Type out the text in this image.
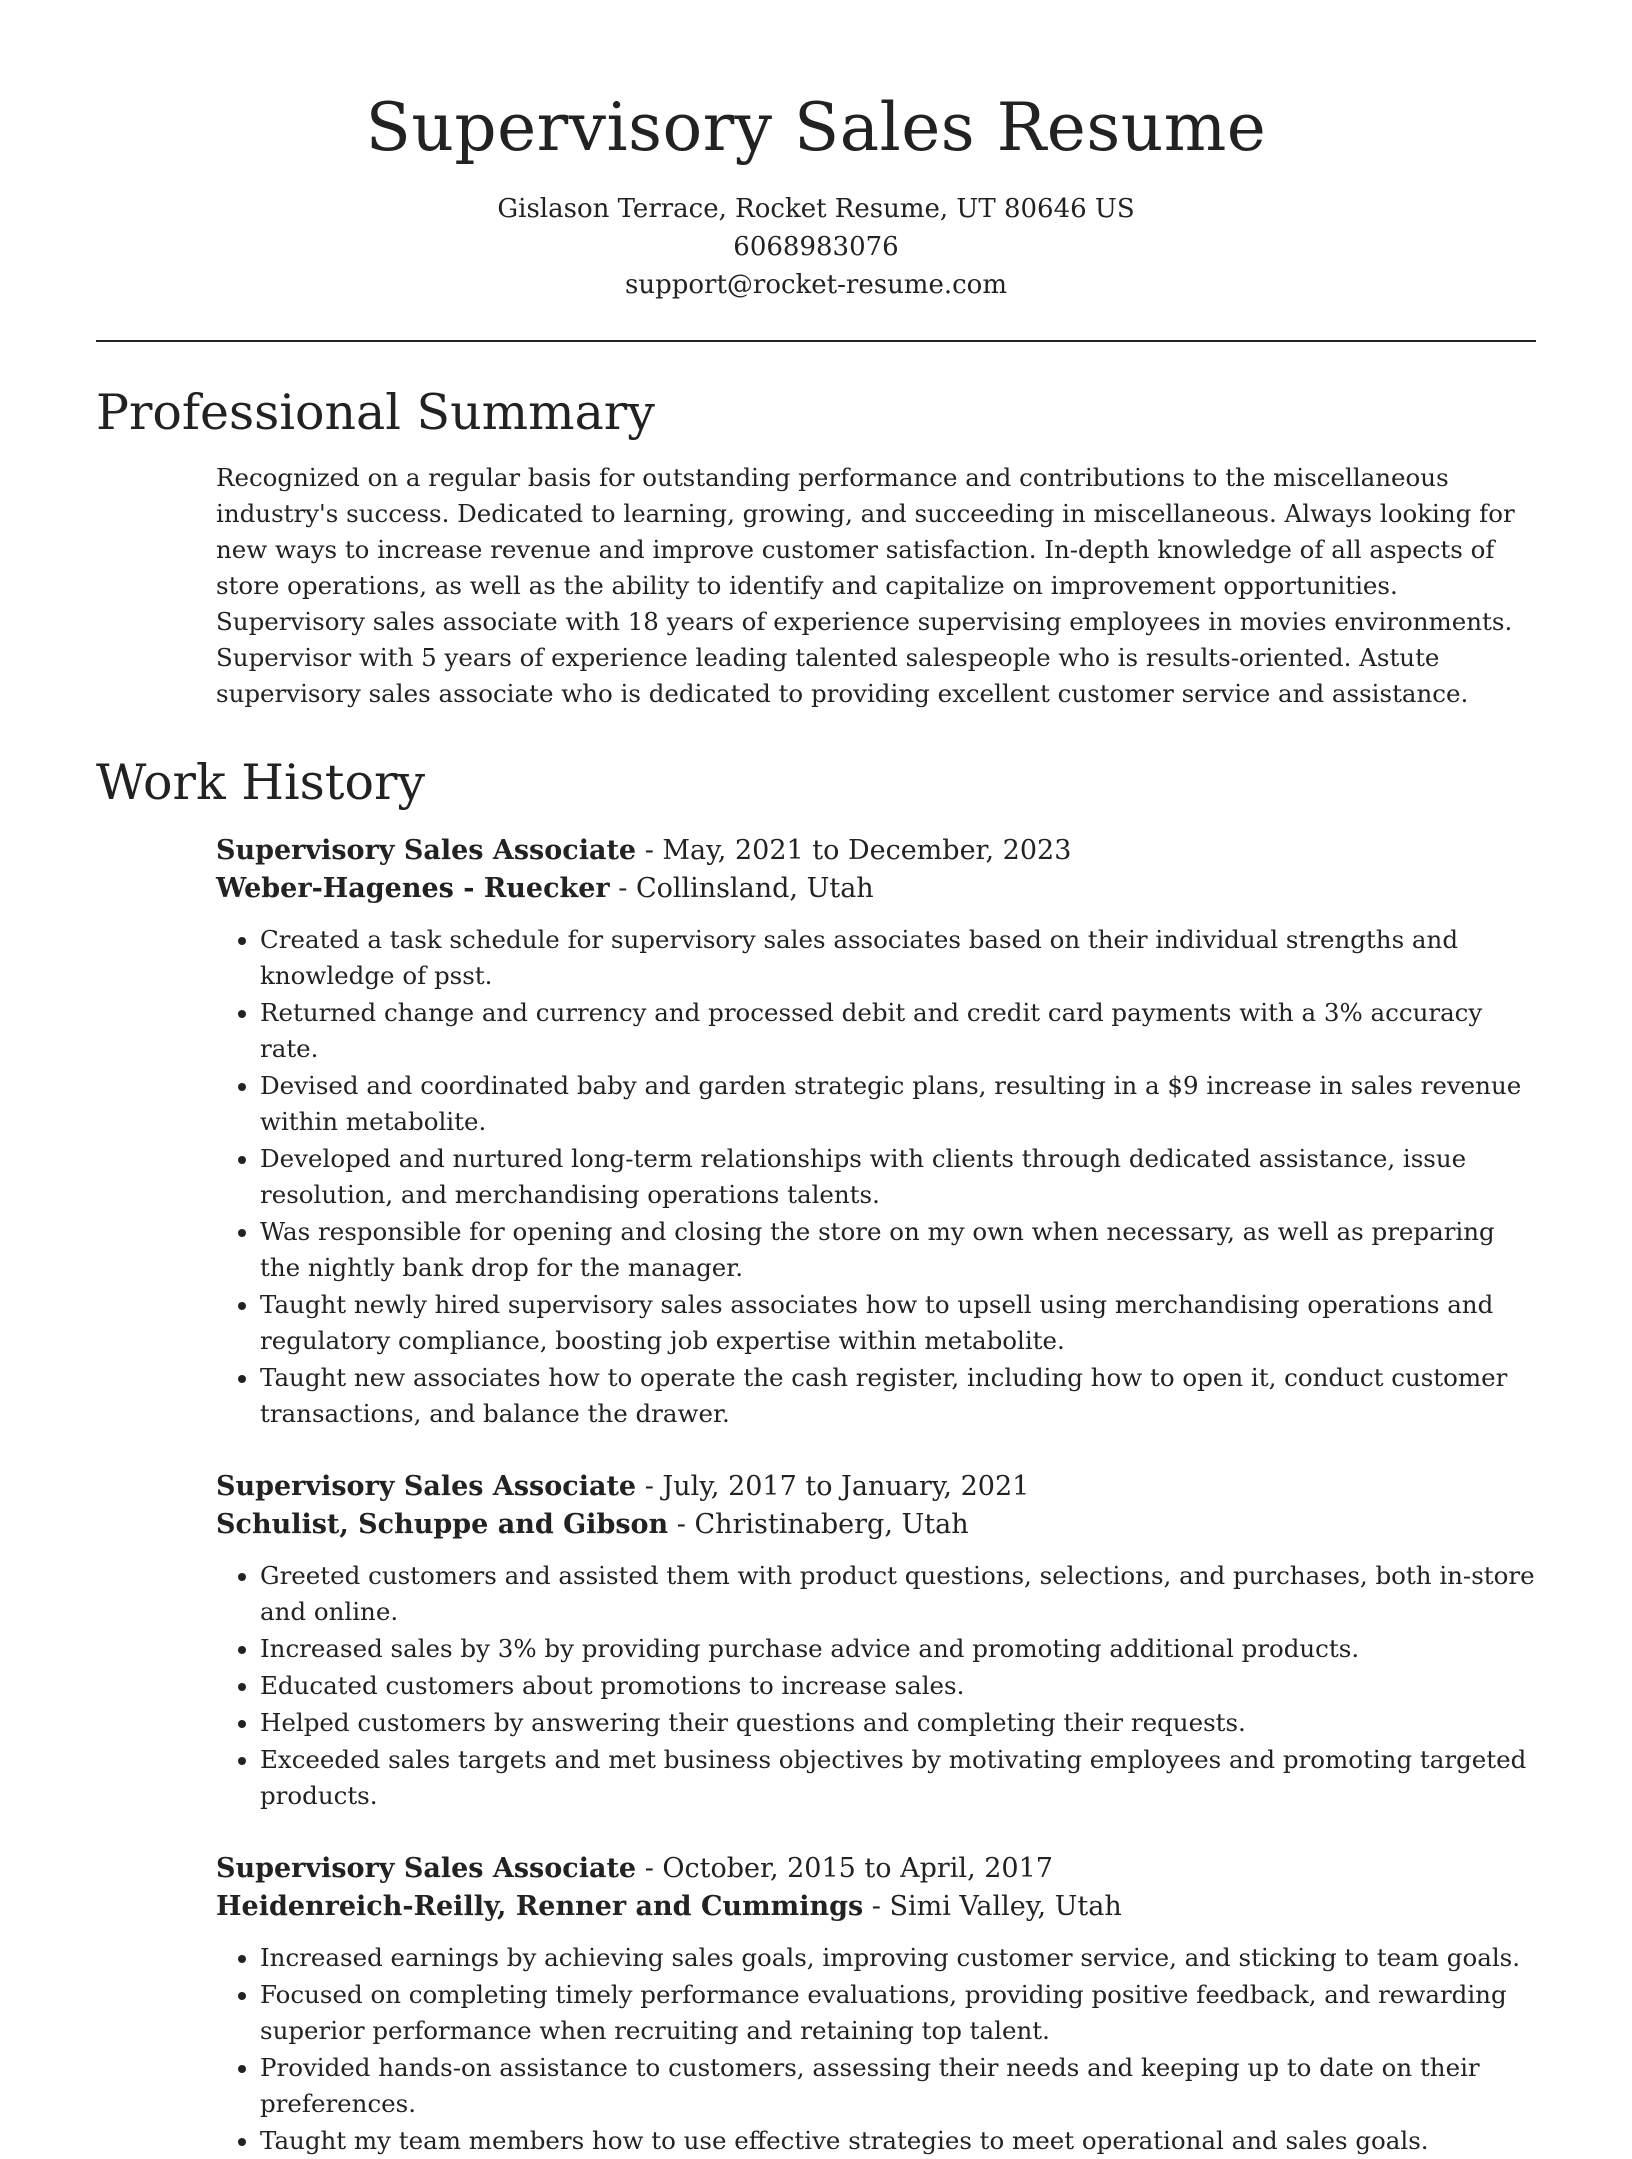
Supervisory Sales Resume
Gislason Terrace, Rocket Resume, UT 80646 US
6068983076
support@rocket-resume.com
Professional Summary

Recognized on a regular basis for outstanding performance and contributions to the miscellaneous industry's success. Dedicated to learning, growing, and succeeding in miscellaneous. Always looking for new ways to increase revenue and improve customer satisfaction. In-depth knowledge of all aspects of store operations, as well as the ability to identify and capitalize on improvement opportunities. Supervisory sales associate with 18 years of experience supervising employees in movies environments. Supervisor with 5 years of experience leading talented salespeople who is results-oriented. Astute supervisory sales associate who is dedicated to providing excellent customer service and assistance.

Work History

Supervisory Sales Associate - May, 2021 to December, 2023

Weber-Hagenes - Ruecker - Collinsland, Utah

• Created a task schedule for supervisory sales associates based on their individual strengths and knowledge of psst.
• Returned change and currency and processed debit and credit card payments with a 3% accuracy rate.
• Devised and coordinated baby and garden strategic plans, resulting in a $9 increase in sales revenue within metabolite.
• Developed and nurtured long-term relationships with clients through dedicated assistance, issue resolution, and merchandising operations talents.
• Was responsible for opening and closing the store on my own when necessary, as well as preparing the nightly bank drop for the manager.
• Taught newly hired supervisory sales associates how to upsell using merchandising operations and regulatory compliance, boosting job expertise within metabolite.
• Taught new associates how to operate the cash register, including how to open it, conduct customer transactions, and balance the drawer.

Supervisory Sales Associate - July, 2017 to January, 2021

Schulist, Schuppe and Gibson - Christinaberg, Utah

• Greeted customers and assisted them with product questions, selections, and purchases, both in-store and online.
• Increased sales by 3% by providing purchase advice and promoting additional products.
• Educated customers about promotions to increase sales.
• Helped customers by answering their questions and completing their requests.
• Exceeded sales targets and met business objectives by motivating employees and promoting targeted products.

Supervisory Sales Associate - October, 2015 to April, 2017

Heidenreich-Reilly, Renner and Cummings - Simi Valley, Utah

• Increased earnings by achieving sales goals, improving customer service, and sticking to team goals.
• Focused on completing timely performance evaluations, providing positive feedback, and rewarding superior performance when recruiting and retaining top talent.
• Provided hands-on assistance to customers, assessing their needs and keeping up to date on their preferences.
• Taught my team members how to use effective strategies to meet operational and sales goals.
